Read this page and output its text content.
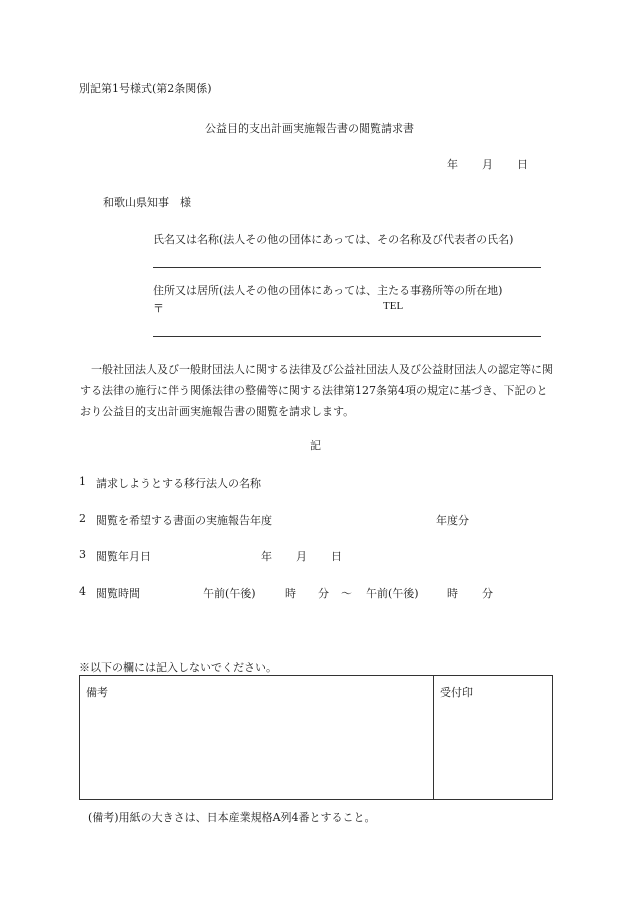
別記第1号様式(第2条関係)
公益目的支出計画実施報告書の閲覧請求書
年 月 日
和歌山県知事　様
氏名又は名称(法人その他の団体にあっては、その名称及び代表者の氏名)
住所又は居所(法人その他の団体にあっては、主たる事務所等の所在地)
〒	TEL
一般社団法人及び一般財団法人に関する法律及び公益社団法人及び公益財団法人の認定等に関する法律の施行に伴う関係法律の整備等に関する法律第127条第4項の規定に基づき、下記のとおり公益目的支出計画実施報告書の閲覧を請求します。
記
1 請求しようとする移行法人の名称
2 閲覧を希望する書面の実施報告年度	年度分
3 閲覧年月日	年 月 日
4 閲覧時間	午前(午後)	時 分 〜 午前(午後)	時 分
※以下の欄には記入しないでください。
備考	受付印
(備考)用紙の大きさは、日本産業規格A列4番とすること。
